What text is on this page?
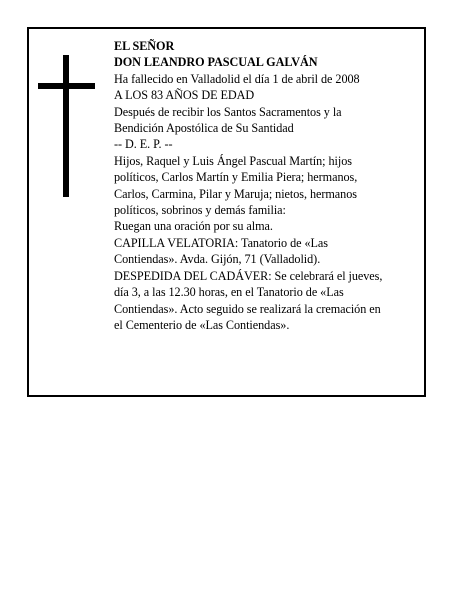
EL SEÑOR

DON LEANDRO PASCUAL GALVÁN

Ha fallecido en Valladolid el día 1 de abril de 2008

A LOS 83 AÑOS DE EDAD

Después de recibir los Santos Sacramentos y la
Bendición Apostólica de Su Santidad

-- D. E. P. --

Hijos, Raquel y Luis Ángel Pascual Martín; hijos
políticos, Carlos Martín y Emilia Piera; hermanos,
Carlos, Carmina, Pilar y Maruja; nietos, hermanos
políticos, sobrinos y demás familia:

Ruegan una oración por su alma.

CAPILLA VELATORIA: Tanatorio de «Las
Contiendas». Avda. Gijón, 71 (Valladolid).

DESPEDIDA DEL CADÁVER: Se celebrará el jueves,
día 3, a las 12.30 horas, en el Tanatorio de «Las
Contiendas». Acto seguido se realizará la cremación en
el Cementerio de «Las Contiendas».
